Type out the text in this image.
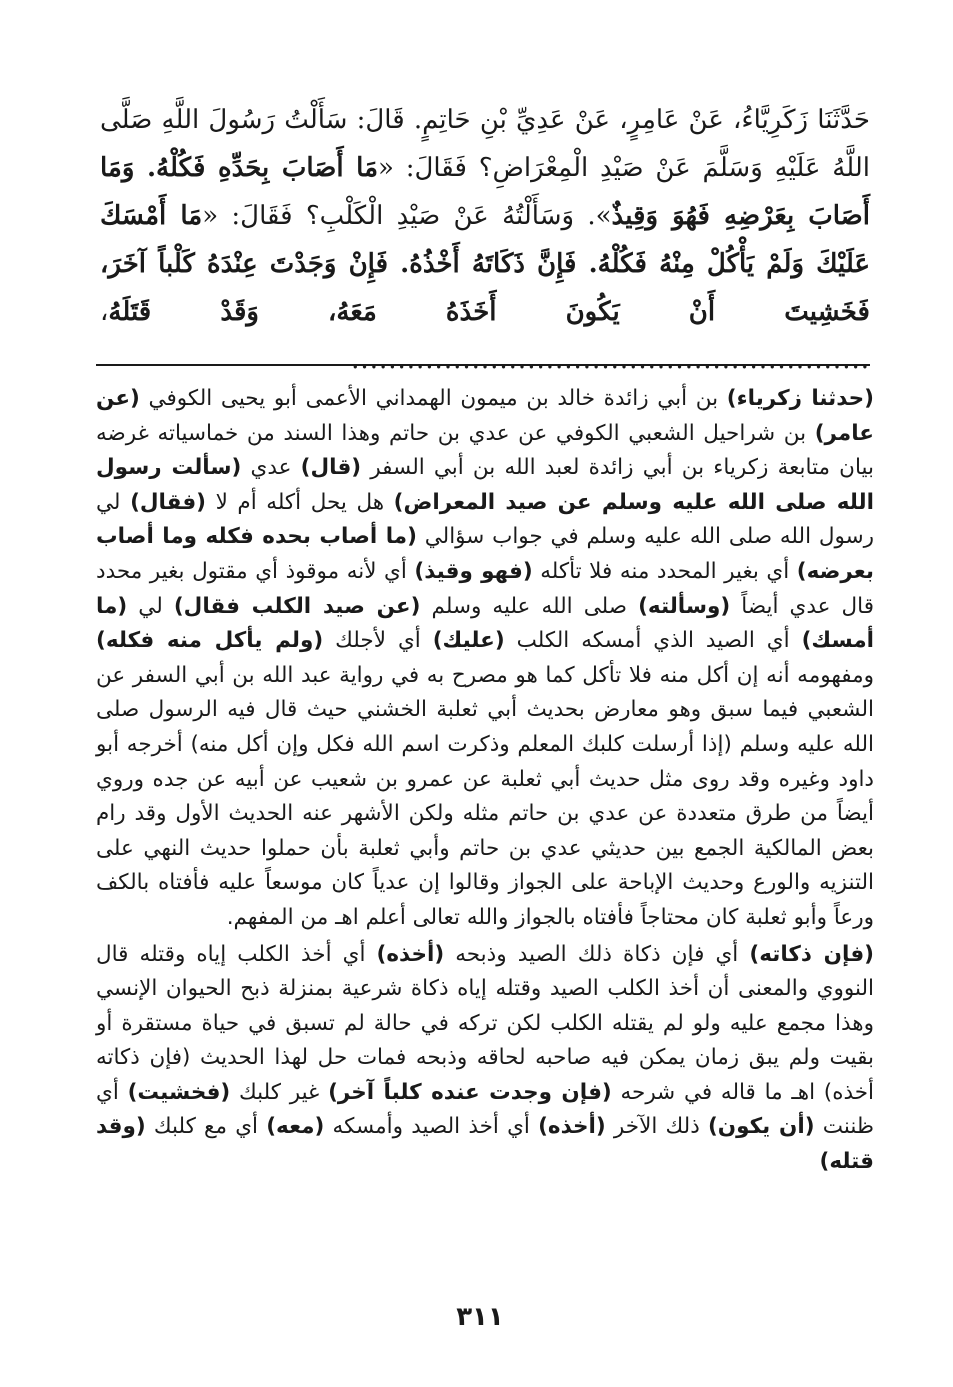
حَدَّثَنَا زَكَرِيَّاءُ، عَنْ عَامِرٍ، عَنْ عَدِيِّ بْنِ حَاتِمٍ. قَالَ: سَأَلْتُ رَسُولَ اللَّهِ صَلَّى اللَّهُ عَلَيْهِ وَسَلَّمَ عَنْ صَيْدِ الْمِعْرَاضِ؟ فَقَالَ: «مَا أَصَابَ بِحَدِّهِ فَكُلْهُ. وَمَا أَصَابَ بِعَرْضِهِ فَهُوَ وَقِيذٌ». وَسَأَلْتُهُ عَنْ صَيْدِ الْكَلْبِ؟ فَقَالَ: «مَا أَمْسَكَ عَلَيْكَ وَلَمْ يَأْكُلْ مِنْهُ فَكُلْهُ. فَإِنَّ ذَكَاتَهُ أَخْذُهُ. فَإِنْ وَجَدْتَ عِنْدَهُ كَلْباً آخَرَ، فَخَشِيتَ أَنْ يَكُونَ أَخَذَهُ مَعَهُ، وَقَدْ قَتَلَهُ، ........................................................

(حدثنا زكرياء) بن أبي زائدة خالد بن ميمون الهمداني الأعمى أبو يحيى الكوفي (عن عامر) بن شراحيل الشعبي الكوفي عن عدي بن حاتم وهذا السند من خماسياته غرضه بيان متابعة زكرياء بن أبي زائدة لعبد الله بن أبي السفر (قال) عدي (سألت رسول الله صلى الله عليه وسلم عن صيد المعراض) هل يحل أكله أم لا (فقال) لي رسول الله صلى الله عليه وسلم في جواب سؤالي (ما أصاب بحده فكله وما أصاب بعرضه) أي بغير المحدد منه فلا تأكله (فهو وقيذ) أي لأنه موقوذ أي مقتول بغير محدد قال عدي أيضاً (وسألته) صلى الله عليه وسلم (عن صيد الكلب فقال) لي (ما أمسك) أي الصيد الذي أمسكه الكلب (عليك) أي لأجلك (ولم يأكل منه فكله) ومفهومه أنه إن أكل منه فلا تأكل كما هو مصرح به في رواية عبد الله بن أبي السفر عن الشعبي فيما سبق وهو معارض بحديث أبي ثعلبة الخشني حيث قال فيه الرسول صلى الله عليه وسلم (إذا أرسلت كلبك المعلم وذكرت اسم الله فكل وإن أكل منه) أخرجه أبو داود وغيره وقد روى مثل حديث أبي ثعلبة عن عمرو بن شعيب عن أبيه عن جده وروي أيضاً من طرق متعددة عن عدي بن حاتم مثله ولكن الأشهر عنه الحديث الأول وقد رام بعض المالكية الجمع بين حديثي عدي بن حاتم وأبي ثعلبة بأن حملوا حديث النهي على التنزيه والورع وحديث الإباحة على الجواز وقالوا إن عدياً كان موسعاً عليه فأفتاه بالكف ورعاً وأبو ثعلبة كان محتاجاً فأفتاه بالجواز والله تعالى أعلم اهـ من المفهم.

(فإن ذكاته) أي فإن ذكاة ذلك الصيد وذبحه (أخذه) أي أخذ الكلب إياه وقتله قال النووي والمعنى أن أخذ الكلب الصيد وقتله إياه ذكاة شرعية بمنزلة ذبح الحيوان الإنسي وهذا مجمع عليه ولو لم يقتله الكلب لكن تركه في حالة لم تسبق في حياة مستقرة أو بقيت ولم يبق زمان يمكن فيه صاحبه لحاقه وذبحه فمات حل لهذا الحديث (فإن ذكاته أخذه) اهـ ما قاله في شرحه (فإن وجدت عنده كلباً آخر) غير كلبك (فخشيت) أي ظننت (أن يكون) ذلك الآخر (أخذه) أي أخذ الصيد وأمسكه (معه) أي مع كلبك (وقد قتله)

٣١١
